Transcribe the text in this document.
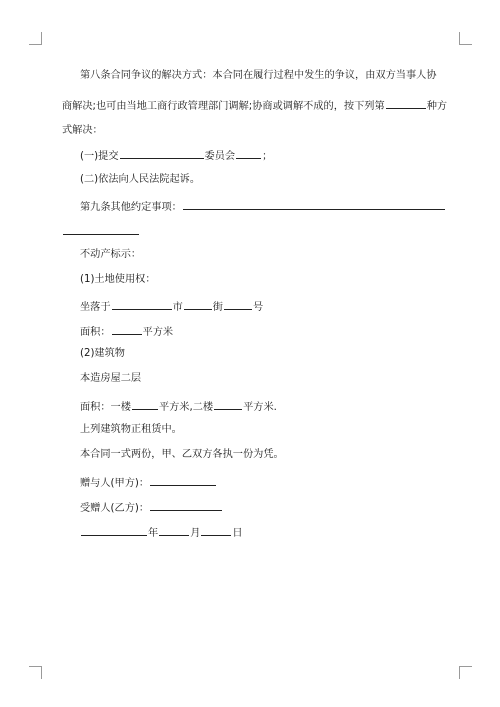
第八条合同争议的解决方式：本合同在履行过程中发生的争议，由双方当事人协
商解决;也可由当地工商行政管理部门调解;协商或调解不成的，按下列第	种方
式解决：
(一)提交	委员会	；
(二)依法向人民法院起诉。
第九条其他约定事项：
不动产标示：
(1)土地使用权：
坐落于	市	街	号
面积：	平方米
(2)建筑物
本造房屋二层
面积：一楼	平方米,二楼	平方米.
上列建筑物正租赁中。
本合同一式两份，甲、乙双方各执一份为凭。
赠与人(甲方)：
受赠人(乙方)：
年	月	日
